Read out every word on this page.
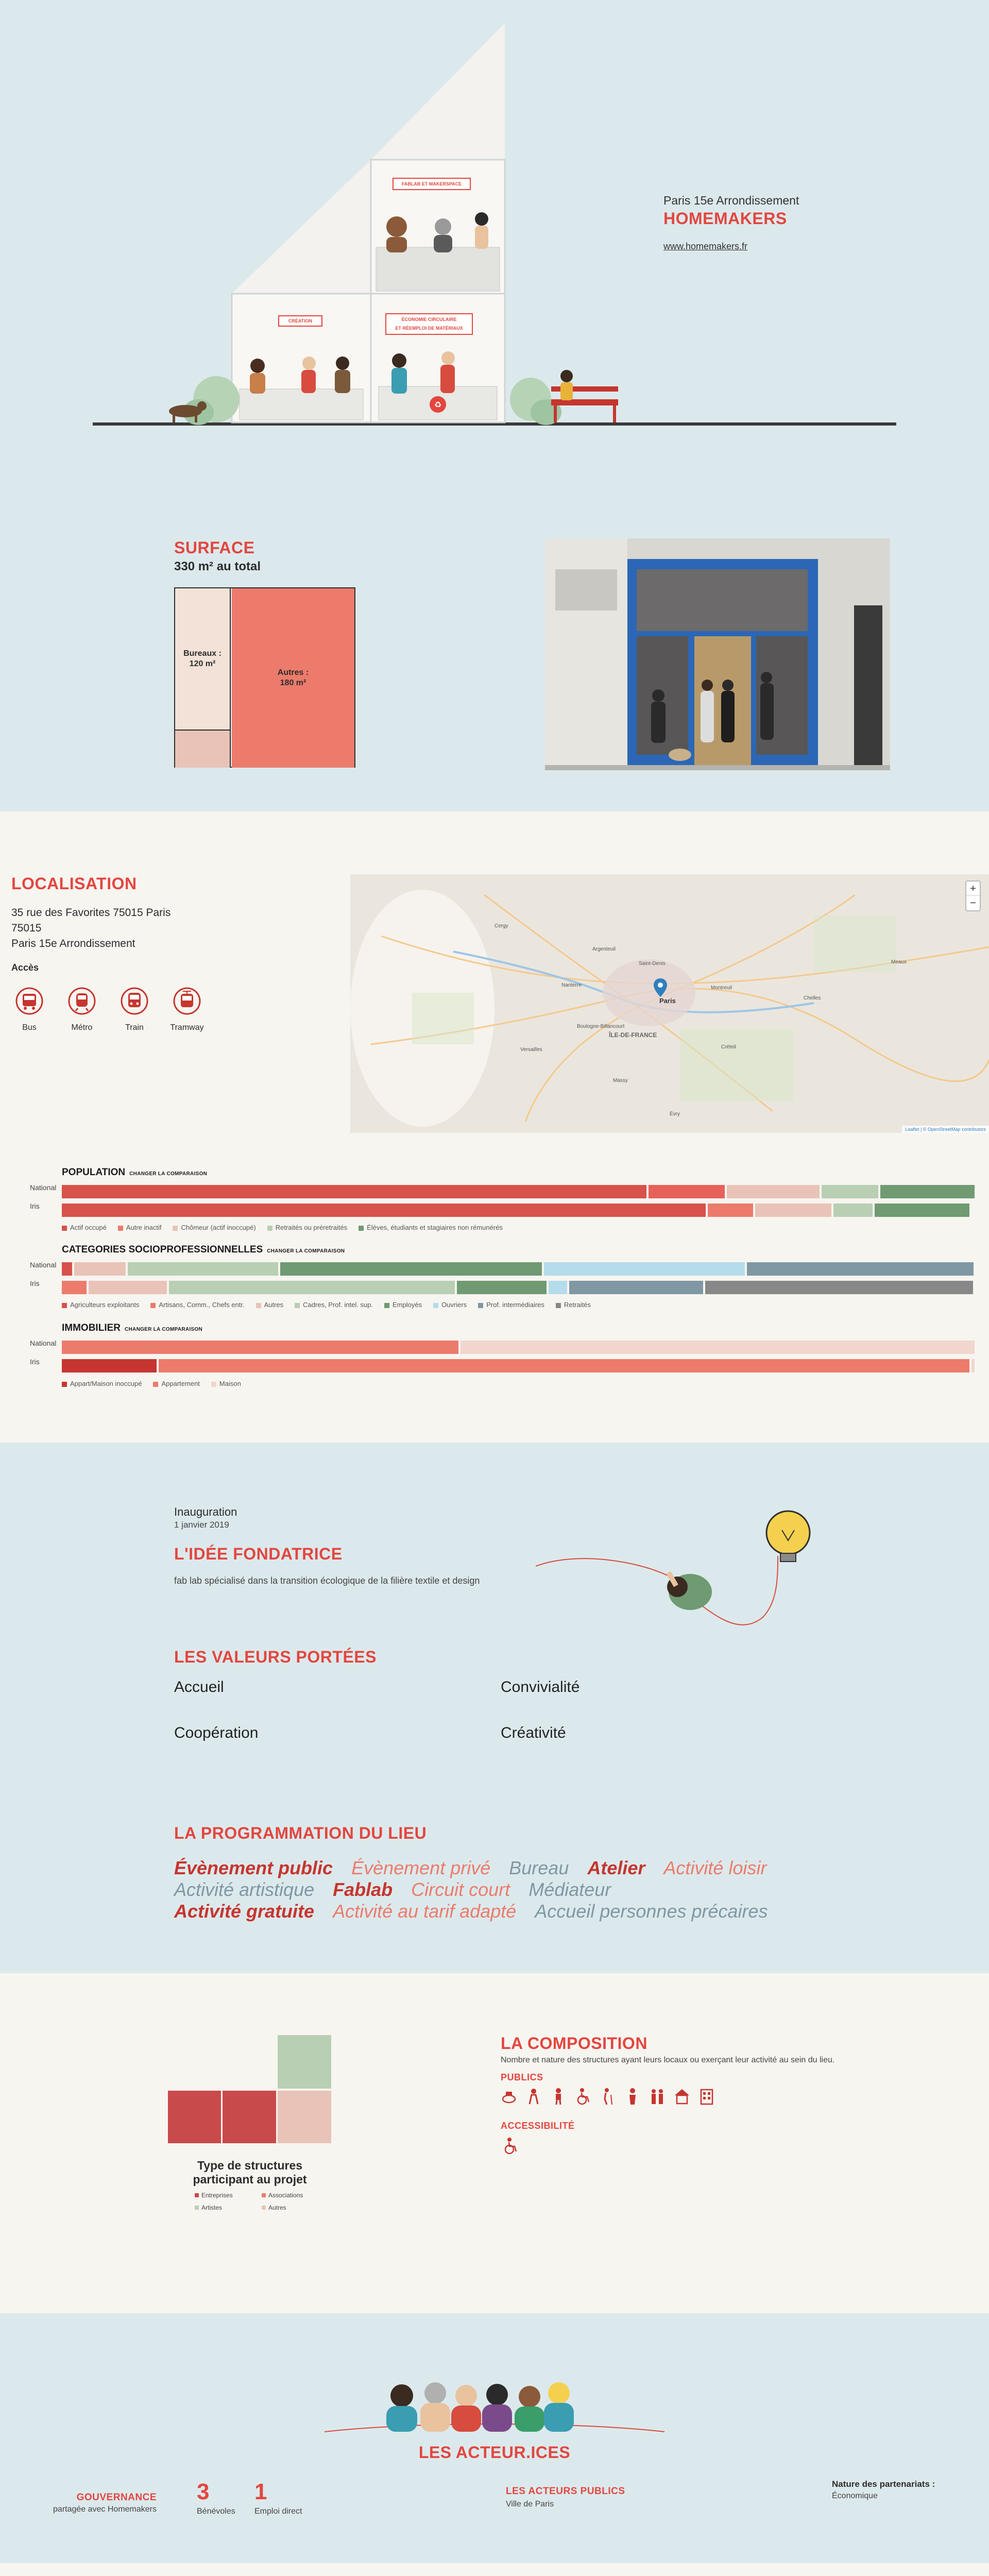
♻
FABLAB ET MAKERSPACE
CRÉATION	ÉCONOMIE CIRCULAIRE
ET RÉEMPLOI DE MATÉRIAUX
Paris 15e Arrondissement
HOMEMAKERS
www.homemakers.fr
SURFACE
330 m² au total
Bureaux :
120 m²
Autres :
180 m²
LOCALISATION
35 rue des Favorites 75015 Paris
75015
Paris 15e Arrondissement
Accès
Bus	Métro	Train	Tramway
ÎLE-DE-FRANCE
Paris
Saint-Denis
Nanterre
Versailles
Boulogne-Billancourt
Créteil
Montreuil
Argenteuil
Massy
Évry
Cergy
Meaux
Chelles
+
−
Leaflet | © OpenStreetMap contributors
POPULATION CHANGER LA COMPARAISON
National
Iris
Actif occupé	Autre inactif	Chômeur (actif inoccupé)	Retraités ou préretraités	Élèves, étudiants et stagiaires non rémunérés
CATEGORIES SOCIOPROFESSIONNELLES CHANGER LA COMPARAISON
National
Iris
Agriculteurs exploitants	Artisans, Comm., Chefs entr.	Autres	Cadres, Prof. intel. sup.	Employés	Ouvriers	Prof. intermédiaires	Retraités
IMMOBILIER CHANGER LA COMPARAISON
National
Iris
Appart/Maison inoccupé	Appartement	Maison
Inauguration
1 janvier 2019
L'IDÉE FONDATRICE
fab lab spécialisé dans la transition écologique de la filière textile et design
LES VALEURS PORTÉES
Accueil	Convivialité
Coopération	Créativité
LA PROGRAMMATION DU LIEU
Évènement public Évènement privé Bureau Atelier Activité loisir Activité artistique Fablab Circuit court Médiateur Activité gratuite Activité au tarif adapté Accueil personnes précaires
Type de structures
participant au projet
Entreprises	Associations
Artistes	Autres
LA COMPOSITION
Nombre et nature des structures ayant leurs locaux ou exerçant leur activité au sein du lieu.
PUBLICS
ACCESSIBILITÉ
LES ACTEUR.ICES
GOUVERNANCE
partagée avec Homemakers
3
Bénévoles
1
Emploi direct
LES ACTEURS PUBLICS
Ville de Paris
Nature des partenariats :
Économique
